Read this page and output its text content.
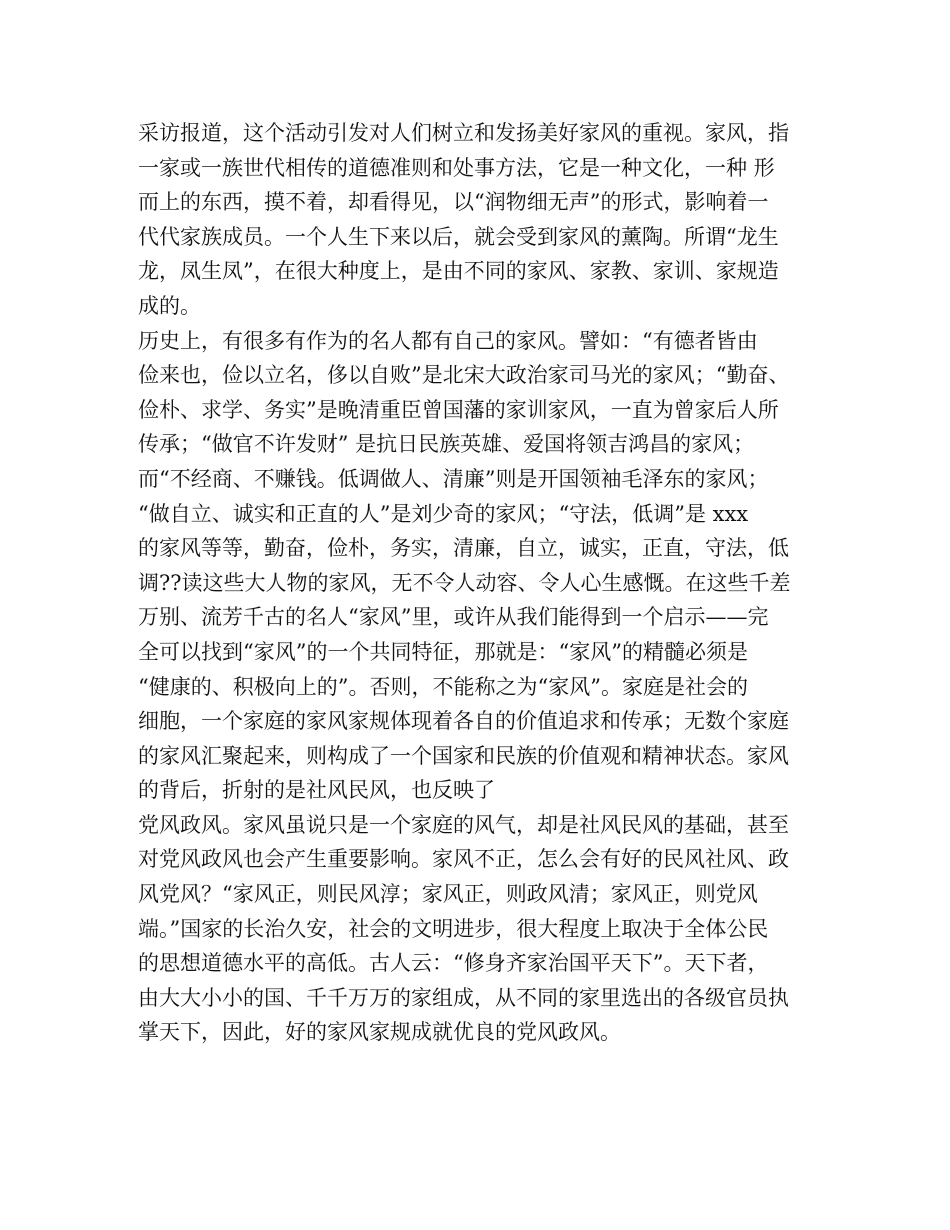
采访报道，这个活动引发对人们树立和发扬美好家风的重视。家风，指
一家或一族世代相传的道德准则和处事方法，它是一种文化，一种 形
而上的东西，摸不着，却看得见，以“润物细无声”的形式，影响着一
代代家族成员。一个人生下来以后，就会受到家风的薰陶。所谓“龙生
龙，凤生凤”，在很大种度上，是由不同的家风、家教、家训、家规造
成的。
历史上，有很多有作为的名人都有自己的家风。譬如：“有德者皆由
俭来也，俭以立名，侈以自败”是北宋大政治家司马光的家风；“勤奋、
俭朴、求学、务实”是晚清重臣曾国藩的家训家风，一直为曾家后人所
传承；“做官不许发财” 是抗日民族英雄、爱国将领吉鸿昌的家风；
而“不经商、不赚钱。低调做人、清廉”则是开国领袖毛泽东的家风；
“做自立、诚实和正直的人”是刘少奇的家风；“守法，低调”是 xxx
的家风等等，勤奋，俭朴，务实，清廉，自立，诚实，正直，守法，低
调??读这些大人物的家风，无不令人动容、令人心生感慨。在这些千差
万别、流芳千古的名人“家风”里，或许从我们能得到一个启示——完
全可以找到“家风”的一个共同特征，那就是：“家风”的精髓必须是
“健康的、积极向上的”。否则，不能称之为“家风”。家庭是社会的
细胞，一个家庭的家风家规体现着各自的价值追求和传承；无数个家庭
的家风汇聚起来，则构成了一个国家和民族的价值观和精神状态。家风
的背后，折射的是社风民风，也反映了
党风政风。家风虽说只是一个家庭的风气，却是社风民风的基础，甚至
对党风政风也会产生重要影响。家风不正，怎么会有好的民风社风、政
风党风？“家风正，则民风淳；家风正，则政风清；家风正，则党风
端。”国家的长治久安，社会的文明进步，很大程度上取决于全体公民
的思想道德水平的高低。古人云：“修身齐家治国平天下”。天下者，
由大大小小的国、千千万万的家组成，从不同的家里选出的各级官员执
掌天下，因此，好的家风家规成就优良的党风政风。
